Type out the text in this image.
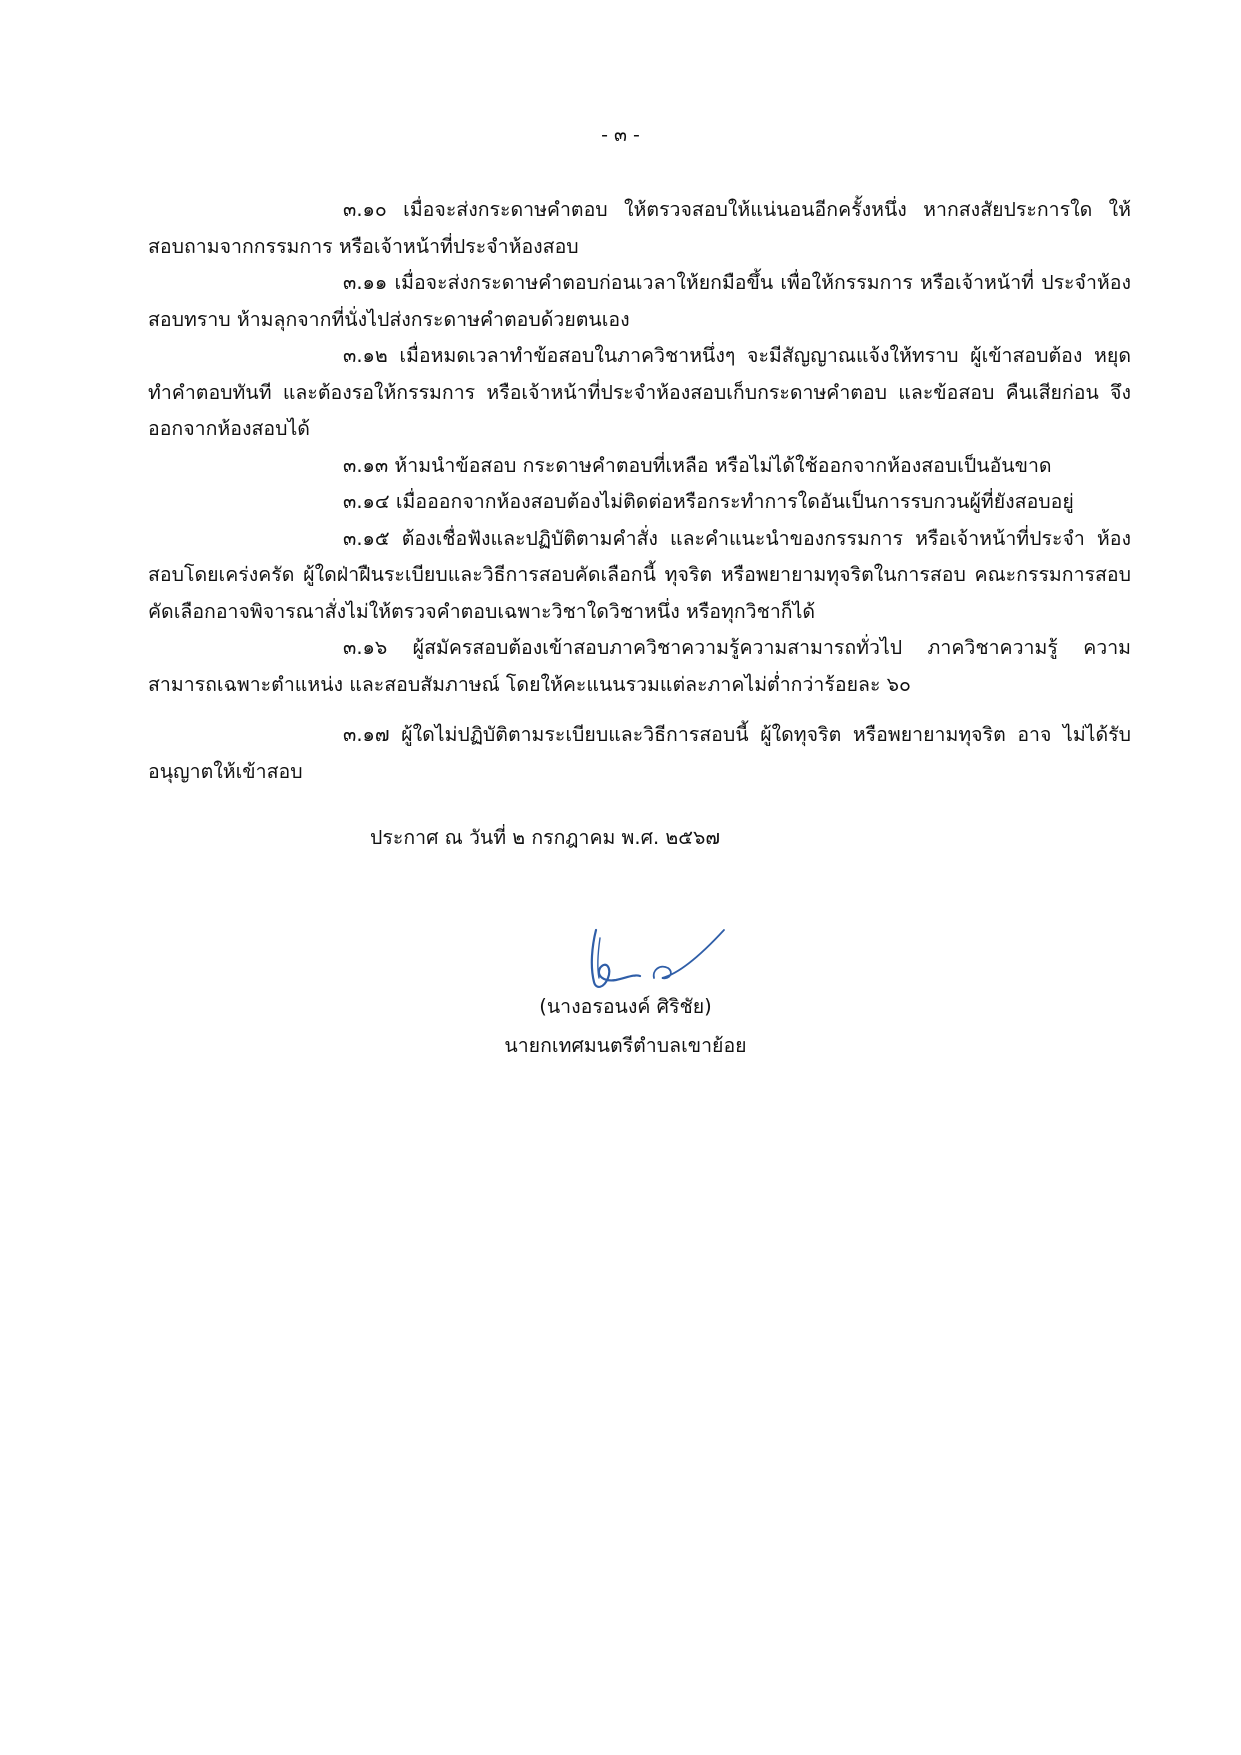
- ๓ -

๓.๑๐ เมื่อจะส่งกระดาษคำตอบ ให้ตรวจสอบให้แน่นอนอีกครั้งหนึ่ง หากสงสัยประการใด ให้สอบถามจากกรรมการ หรือเจ้าหน้าที่ประจำห้องสอบ

๓.๑๑ เมื่อจะส่งกระดาษคำตอบก่อนเวลาให้ยกมือขึ้น เพื่อให้กรรมการ หรือเจ้าหน้าที่ ประจำห้องสอบทราบ ห้ามลุกจากที่นั่งไปส่งกระดาษคำตอบด้วยตนเอง

๓.๑๒ เมื่อหมดเวลาทำข้อสอบในภาควิชาหนึ่งๆ จะมีสัญญาณแจ้งให้ทราบ ผู้เข้าสอบต้อง หยุดทำคำตอบทันที และต้องรอให้กรรมการ หรือเจ้าหน้าที่ประจำห้องสอบเก็บกระดาษคำตอบ และข้อสอบ คืนเสียก่อน จึงออกจากห้องสอบได้

๓.๑๓ ห้ามนำข้อสอบ กระดาษคำตอบที่เหลือ หรือไม่ได้ใช้ออกจากห้องสอบเป็นอันขาด

๓.๑๔ เมื่อออกจากห้องสอบต้องไม่ติดต่อหรือกระทำการใดอันเป็นการรบกวนผู้ที่ยังสอบอยู่

๓.๑๕ ต้องเชื่อฟังและปฏิบัติตามคำสั่ง และคำแนะนำของกรรมการ หรือเจ้าหน้าที่ประจำ ห้องสอบโดยเคร่งครัด ผู้ใดฝ่าฝืนระเบียบและวิธีการสอบคัดเลือกนี้ ทุจริต หรือพยายามทุจริตในการสอบ คณะกรรมการสอบคัดเลือกอาจพิจารณาสั่งไม่ให้ตรวจคำตอบเฉพาะวิชาใดวิชาหนึ่ง หรือทุกวิชาก็ได้

๓.๑๖ ผู้สมัครสอบต้องเข้าสอบภาควิชาความรู้ความสามารถทั่วไป ภาควิชาความรู้ ความสามารถเฉพาะตำแหน่ง และสอบสัมภาษณ์ โดยให้คะแนนรวมแต่ละภาคไม่ต่ำกว่าร้อยละ ๖๐

๓.๑๗ ผู้ใดไม่ปฏิบัติตามระเบียบและวิธีการสอบนี้ ผู้ใดทุจริต หรือพยายามทุจริต อาจ ไม่ได้รับอนุญาตให้เข้าสอบ

ประกาศ ณ วันที่ ๒ กรกฎาคม พ.ศ. ๒๕๖๗
(นางอรอนงค์ ศิริชัย)
นายกเทศมนตรีตำบลเขาย้อย
